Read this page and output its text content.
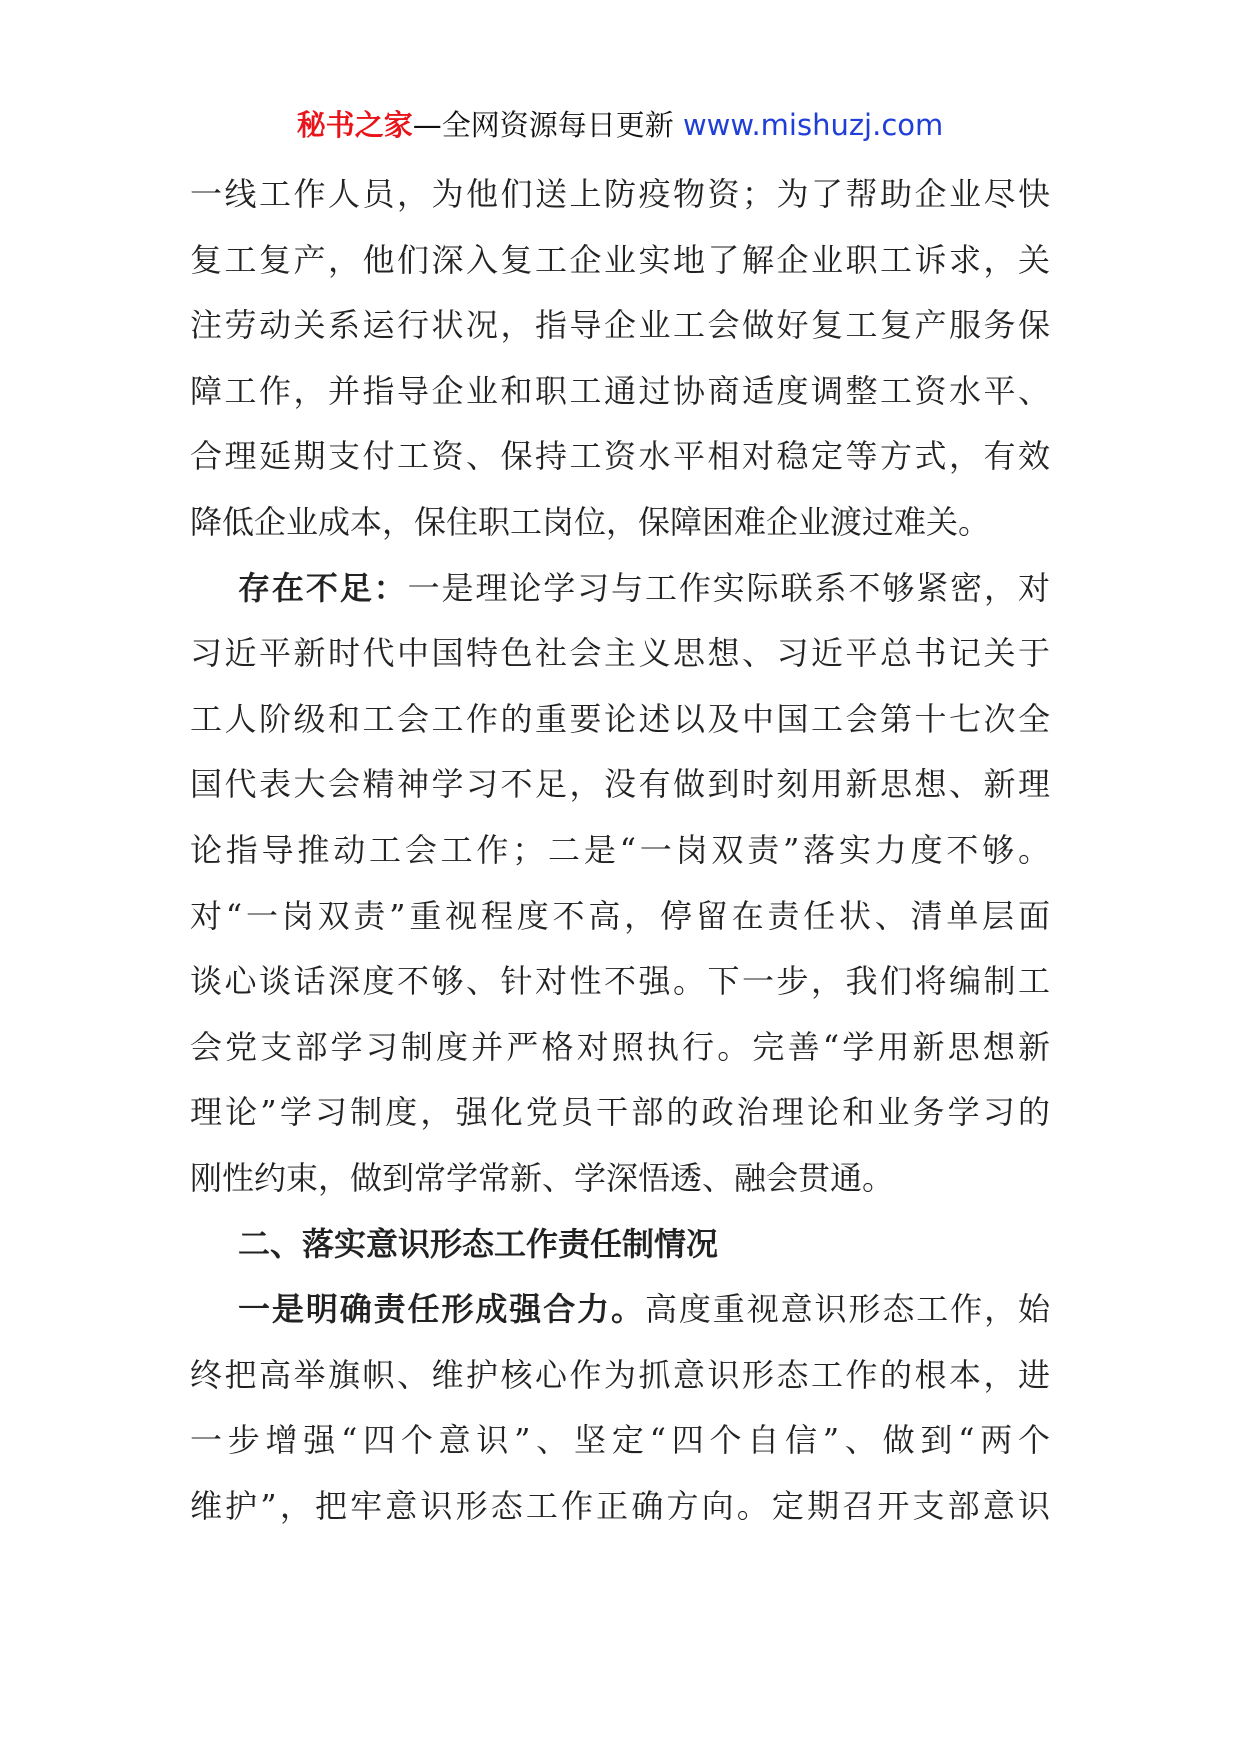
秘书之家—全网资源每日更新 www.mishuzj.com
一线工作人员，为他们送上防疫物资；为了帮助企业尽快
复工复产，他们深入复工企业实地了解企业职工诉求，关
注劳动关系运行状况，指导企业工会做好复工复产服务保
障工作，并指导企业和职工通过协商适度调整工资水平、
合理延期支付工资、保持工资水平相对稳定等方式，有效
降低企业成本，保住职工岗位，保障困难企业渡过难关。
存在不足：一是理论学习与工作实际联系不够紧密，对
习近平新时代中国特色社会主义思想、习近平总书记关于
工人阶级和工会工作的重要论述以及中国工会第十七次全
国代表大会精神学习不足，没有做到时刻用新思想、新理
论指导推动工会工作；二是“一岗双责”落实力度不够。
对“一岗双责”重视程度不高，停留在责任状、清单层面
谈心谈话深度不够、针对性不强。下一步，我们将编制工
会党支部学习制度并严格对照执行。完善“学用新思想新
理论”学习制度，强化党员干部的政治理论和业务学习的
刚性约束，做到常学常新、学深悟透、融会贯通。
二、落实意识形态工作责任制情况
一是明确责任形成强合力。高度重视意识形态工作，始
终把高举旗帜、维护核心作为抓意识形态工作的根本，进
一步增强“四个意识”、坚定“四个自信”、做到“两个
维护”，把牢意识形态工作正确方向。定期召开支部意识
